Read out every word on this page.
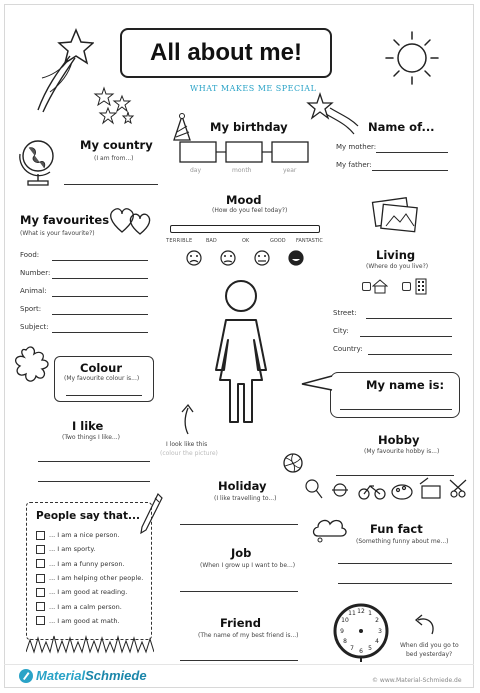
All about me!
WHAT MAKES ME SPECIAL
My country
(I am from...)
My birthday
day	month	year
Name of...
My mother:
My father:
My favourites
(What is your favourite?)
Food:
Number:
Animal:
Sport:
Subject:
Mood
(How do you feel today?)
TERRIBLE	BAD	OK	GOOD FANTASTIC
Living
(Where do you live?)
Street:
City:
Country:
Colour
(My favourite colour is...)	My name is:
I like
(Two things I like...)
I look like this
(colour the picture)
Hobby
(My favourite hobby is...)
Holiday
(I like travelling to...)
People say that...
... I am a nice person.
... I am sporty.
... I am a funny person.
... I am helping other people.
... I am good at reading.
... I am a calm person.
... I am good at math.
Fun fact
(Something funny about me...)
Job
(When I grow up I want to be...)
Friend
(The name of my best friend is...)
12 1
2
3
4
5
6
7
8
9
10
11
When did you go to
bed yesterday?
MaterialSchmiede	© www.Material-Schmiede.de
